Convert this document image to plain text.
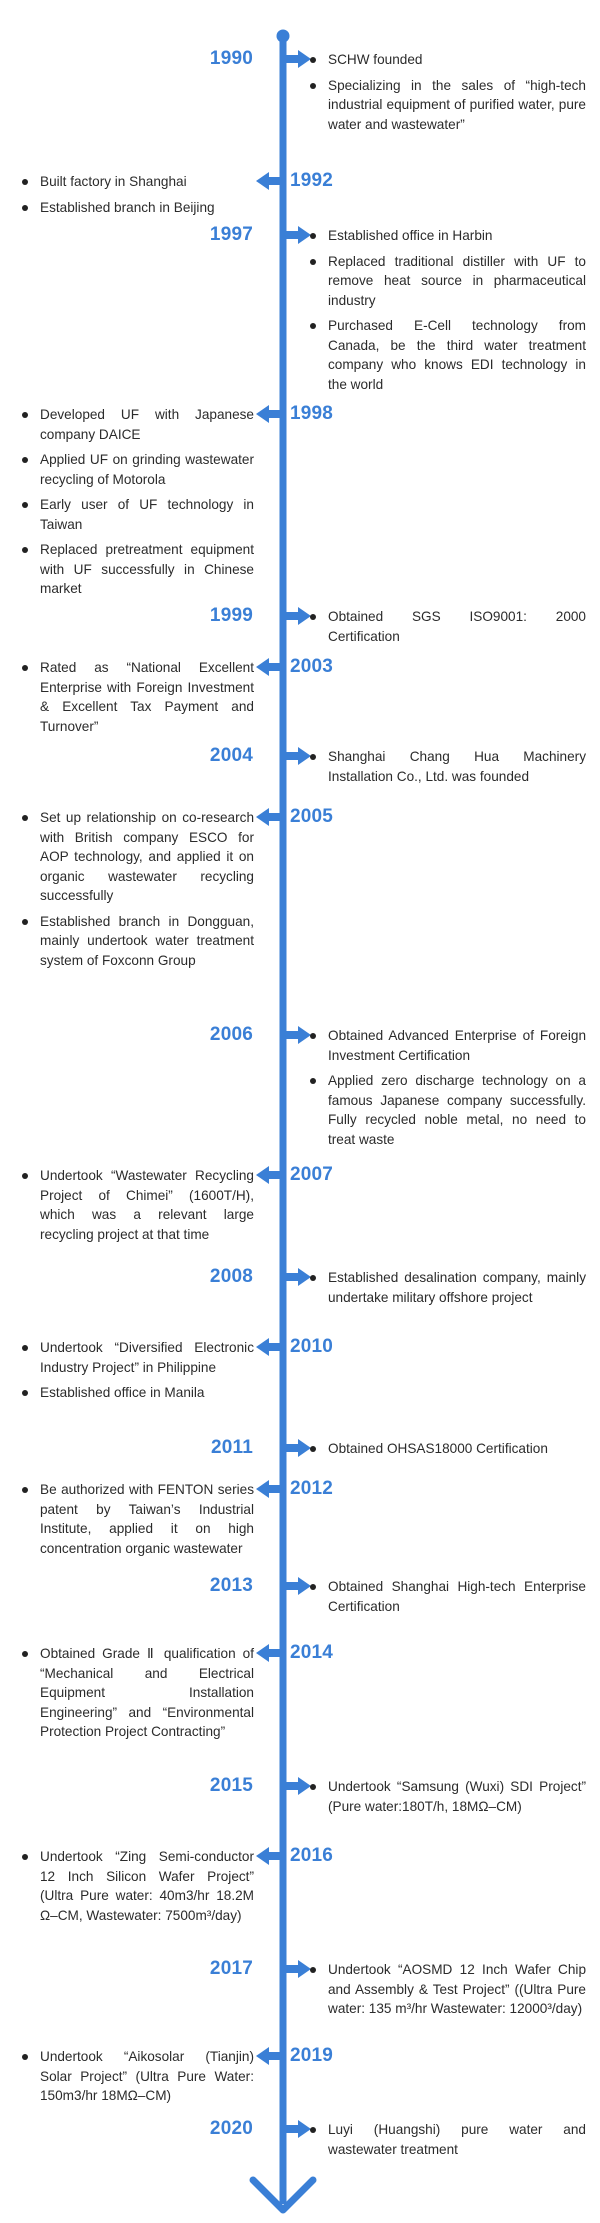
1990	SCHW founded
Specializing in the sales of “high-tech industrial equipment of purified water, pure water and wastewater”
1992
Built factory in Shanghai
Established branch in Beijing
1997	Established office in Harbin
Replaced traditional distiller with UF to remove heat source in pharmaceutical industry
Purchased E-Cell technology from Canada, be the third water treatment company who knows EDI technology in the world
1998
Developed UF with Japanese company DAICE
Applied UF on grinding wastewater recycling of Motorola
Early user of UF technology in Taiwan
Replaced pretreatment equipment with UF successfully in Chinese market
1999	Obtained SGS ISO9001: 2000 Certification
2003
Rated as “National Excellent Enterprise with Foreign Investment & Excellent Tax Payment and Turnover”
2004	Shanghai Chang Hua Machinery Installation Co., Ltd. was founded
2005
Set up relationship on co-research with British company ESCO for AOP technology, and applied it on organic wastewater recycling successfully
Established branch in Dongguan, mainly undertook water treatment system of Foxconn Group
2006	Obtained Advanced Enterprise of Foreign Investment Certification
Applied zero discharge technology on a famous Japanese company successfully. Fully recycled noble metal, no need to treat waste
2007
Undertook “Wastewater Recycling Project of Chimei” (1600T/H), which was a relevant large recycling project at that time
2008	Established desalination company, mainly undertake military offshore project
2010
Undertook “Diversified Electronic Industry Project” in Philippine
Established office in Manila
2011	Obtained OHSAS18000 Certification
2012
Be authorized with FENTON series patent by Taiwan’s Industrial Institute, applied it on high concentration organic wastewater
2013	Obtained Shanghai High-tech Enterprise Certification
2014
Obtained Grade Ⅱ qualification of “Mechanical and Electrical Equipment Installation Engineering” and “Environmental Protection Project Contracting”
2015	Undertook “Samsung (Wuxi) SDI Project” (Pure water:180T/h, 18MΩ–CM)
2016
Undertook “Zing Semi-conductor 12 Inch Silicon Wafer Project” (Ultra Pure water: 40m3/hr 18.2M Ω–CM, Wastewater: 7500m³/day)
2017	Undertook “AOSMD 12 Inch Wafer Chip and Assembly & Test Project” ((Ultra Pure water: 135 m³/hr Wastewater: 12000³/day)
2019
Undertook “Aikosolar (Tianjin) Solar Project” (Ultra Pure Water: 150m3/hr 18MΩ–CM)
2020	Luyi (Huangshi) pure water and wastewater treatment
